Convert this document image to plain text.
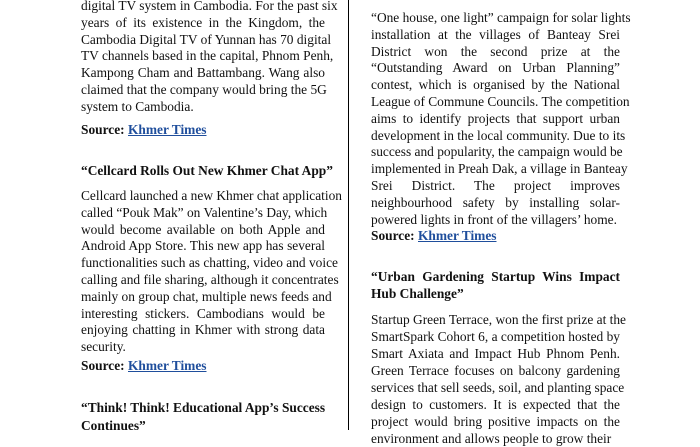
digital TV system in Cambodia. For the past six
years of its existence in the Kingdom, the
Cambodia Digital TV of Yunnan has 70 digital
TV channels based in the capital, Phnom Penh,
Kampong Cham and Battambang. Wang also
claimed that the company would bring the 5G
system to Cambodia.
Source: Khmer Times
“Cellcard Rolls Out New Khmer Chat App”
Cellcard launched a new Khmer chat application
called “Pouk Mak” on Valentine’s Day, which
would become available on both Apple and
Android App Store. This new app has several
functionalities such as chatting, video and voice
calling and file sharing, although it concentrates
mainly on group chat, multiple news feeds and
interesting stickers. Cambodians would be
enjoying chatting in Khmer with strong data
security.
Source: Khmer Times
“Think! Think! Educational App’s Success
Continues”
“One house, one light” campaign for solar lights
installation at the villages of Banteay Srei
District won the second prize at the
“Outstanding Award on Urban Planning”
contest, which is organised by the National
League of Commune Councils. The competition
aims to identify projects that support urban
development in the local community. Due to its
success and popularity, the campaign would be
implemented in Preah Dak, a village in Banteay
Srei District. The project improves
neighbourhood safety by installing solar-
powered lights in front of the villagers’ home.
Source: Khmer Times
“Urban Gardening Startup Wins Impact
Hub Challenge”
Startup Green Terrace, won the first prize at the
SmartSpark Cohort 6, a competition hosted by
Smart Axiata and Impact Hub Phnom Penh.
Green Terrace focuses on balcony gardening
services that sell seeds, soil, and planting space
design to customers. It is expected that the
project would bring positive impacts on the
environment and allows people to grow their
